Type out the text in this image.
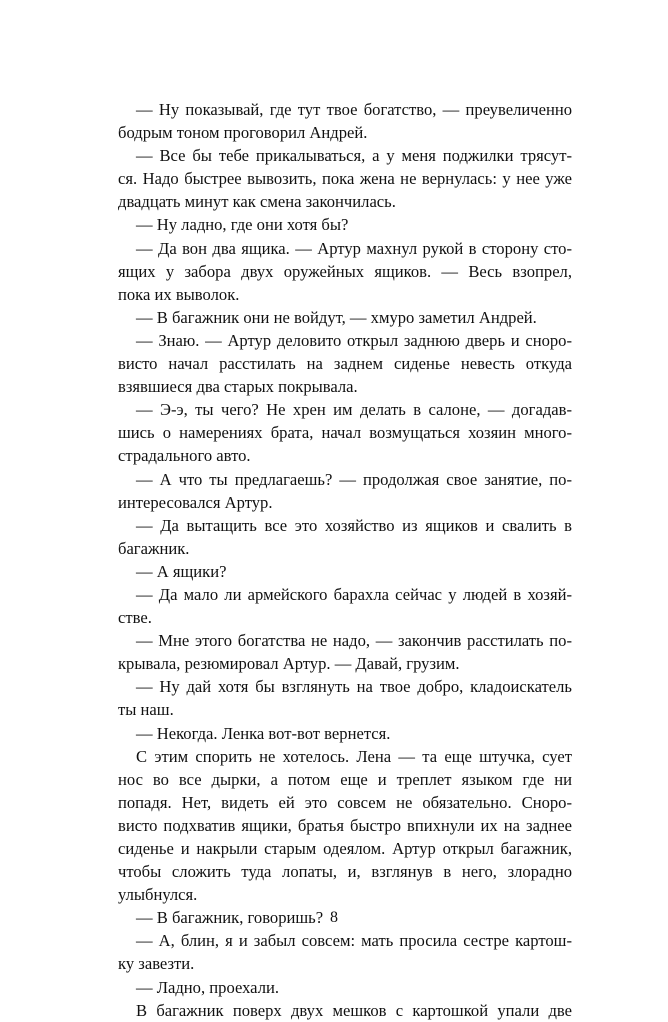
— Ну показывай, где тут твое богатство, — преувеличенно
бодрым тоном проговорил Андрей.
— Все бы тебе прикалываться, а у меня поджилки трясут-
ся. Надо быстрее вывозить, пока жена не вернулась: у нее уже
двадцать минут как смена закончилась.
— Ну ладно, где они хотя бы?
— Да вон два ящика. — Артур махнул рукой в сторону сто-
ящих у забора двух оружейных ящиков. — Весь взопрел,
пока их выволок.
— В багажник они не войдут, — хмуро заметил Андрей.
— Знаю. — Артур деловито открыл заднюю дверь и снoро-
висто начал расстилать на заднем сиденье невесть откуда
взявшиеся два старых покрывала.
— Э-э, ты чего? Не хрен им делать в салоне, — догадав-
шись о намерениях брата, начал возмущаться хозяин много-
страдального авто.
— А что ты предлагаешь? — продолжая свое занятие, по-
интересовался Артур.
— Да вытащить все это хозяйство из ящиков и свалить в
багажник.
— А ящики?
— Да мало ли армейского барахла сейчас у людей в хозяй-
стве.
— Мне этого богатства не надо, — закончив расстилать по-
крывала, резюмировал Артур. — Давай, грузим.
— Ну дай хотя бы взглянуть на твое добро, кладоискатель
ты наш.
— Некогда. Ленка вот-вот вернется.
С этим спорить не хотелось. Лена — та еще штучка, сует
нос во все дырки, а потом еще и треплет языком где ни
попадя. Нет, видеть ей это совсем не обязательно. Сноро-
висто подхватив ящики, братья быстро впихнули их на заднее
сиденье и накрыли старым одеялом. Артур открыл багажник,
чтобы сложить туда лопаты, и, взглянув в него, злорадно
улыбнулся.
— В багажник, говоришь?
— А, блин, я и забыл совсем: мать просила сестре картош-
ку завезти.
— Ладно, проехали.
В багажник поверх двух мешков с картошкой упали две
8
